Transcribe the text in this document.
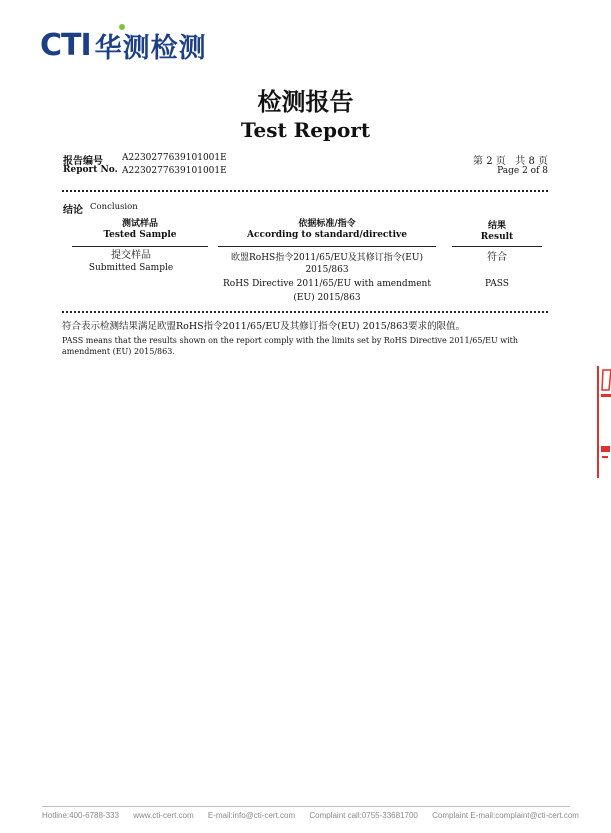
CTI 华测检测
检测报告
Test Report
报告编号
Report No.
A2230277639101001E
A2230277639101001E
第 2 页   共 8 页
Page 2 of 8
结论 Conclusion
测试样品
Tested Sample
依据标准/指令
According to standard/directive
结果
Result
提交样品
Submitted Sample
欧盟RoHS指令2011/65/EU及其修订指令(EU)
2015/863
RoHS Directive 2011/65/EU with amendment
(EU) 2015/863
符合
PASS
符合表示检测结果满足欧盟RoHS指令2011/65/EU及其修订指令(EU) 2015/863要求的限值。
PASS means that the results shown on the report comply with the limits set by RoHS Directive 2011/65/EU with
amendment (EU) 2015/863.
Hotline:400-6788-333 www.cti-cert.com E-mail:info@cti-cert.com Complaint call:0755-33681700 Complaint E-mail:complaint@cti-cert.com
